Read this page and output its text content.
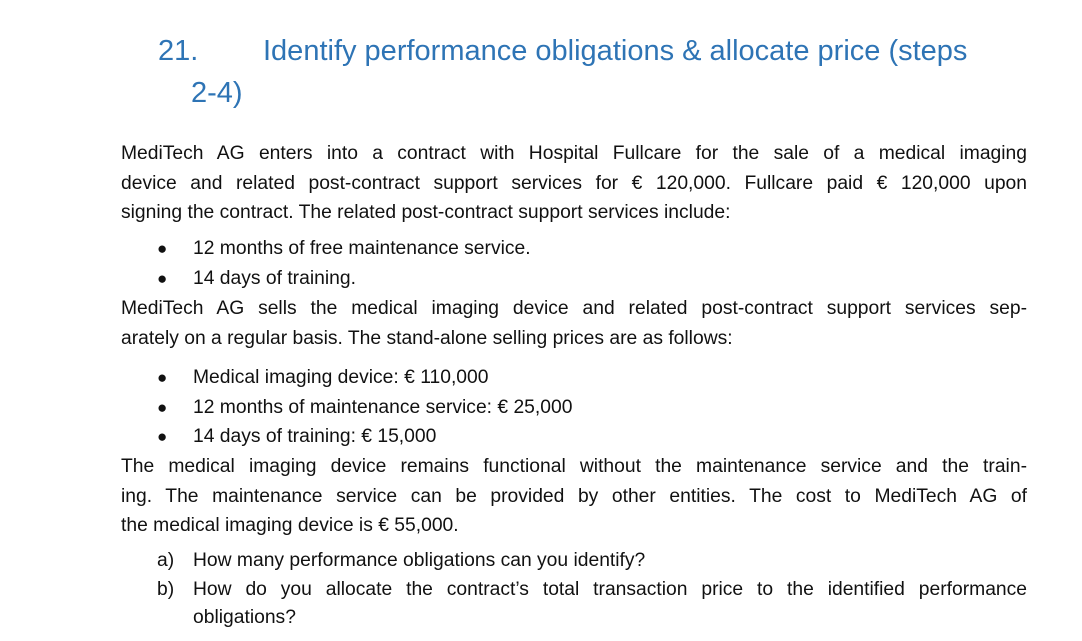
21.	Identify performance obligations & allocate price (steps
2-4)
MediTech AG enters into a contract with Hospital Fullcare for the sale of a medical imaging
device and related post-contract support services for € 120,000. Fullcare paid € 120,000 upon
signing the contract. The related post-contract support services include:
● 12 months of free maintenance service.
● 14 days of training.
MediTech AG sells the medical imaging device and related post-contract support services sep-
arately on a regular basis. The stand-alone selling prices are as follows:
● Medical imaging device: € 110,000
● 12 months of maintenance service: € 25,000
● 14 days of training: € 15,000
The medical imaging device remains functional without the maintenance service and the train-
ing. The maintenance service can be provided by other entities. The cost to MediTech AG of
the medical imaging device is € 55,000.
a) How many performance obligations can you identify?
b) How do you allocate the contract’s total transaction price to the identified performance
obligations?
